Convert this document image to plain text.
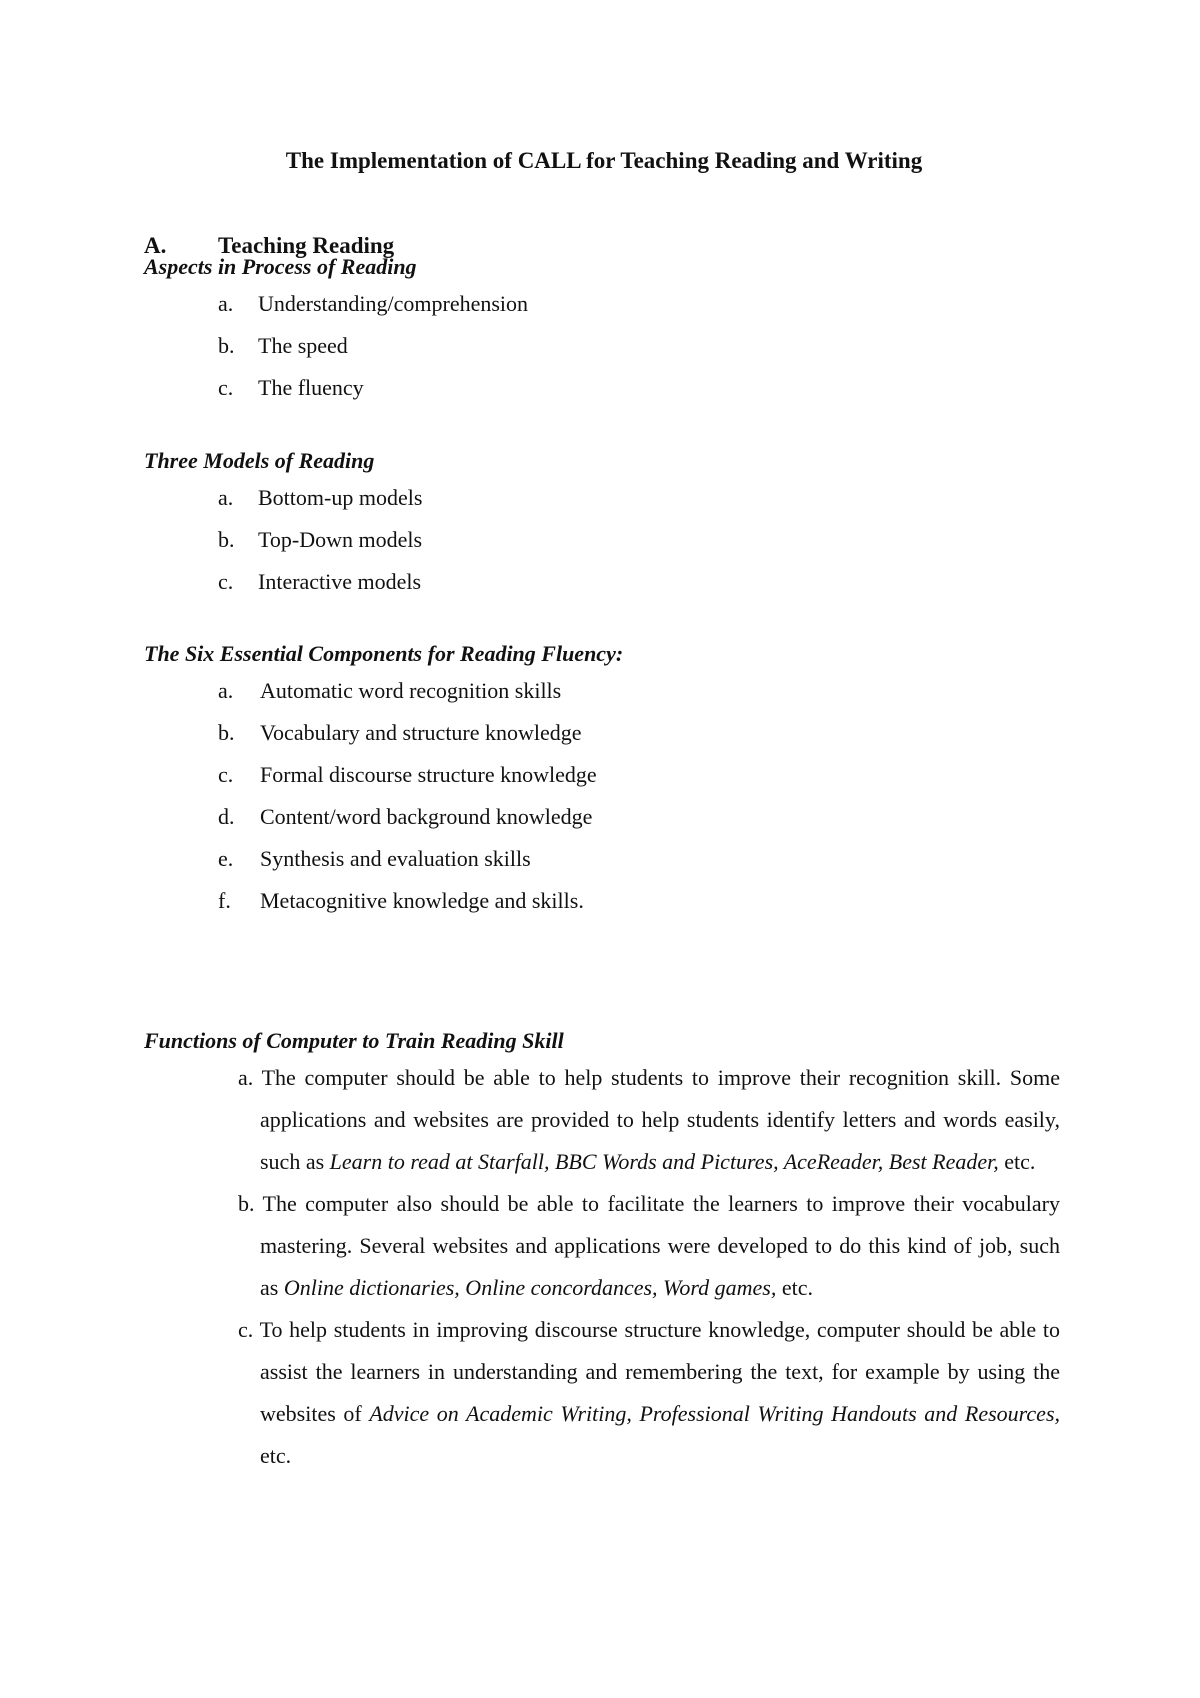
The Implementation of CALL for Teaching Reading and Writing
A. Teaching Reading
Aspects in Process of Reading
a. Understanding/comprehension
b. The speed
c. The fluency
Three Models of Reading
a. Bottom-up models
b. Top-Down models
c. Interactive models
The Six Essential Components for Reading Fluency:
a. Automatic word recognition skills
b. Vocabulary and structure knowledge
c. Formal discourse structure knowledge
d. Content/word background knowledge
e. Synthesis and evaluation skills
f. Metacognitive knowledge and skills.
Functions of Computer to Train Reading Skill
a. The computer should be able to help students to improve their recognition skill. Some applications and websites are provided to help students identify letters and words easily, such as Learn to read at Starfall, BBC Words and Pictures, AceReader, Best Reader, etc.
b. The computer also should be able to facilitate the learners to improve their vocabulary mastering. Several websites and applications were developed to do this kind of job, such as Online dictionaries, Online concordances, Word games, etc.
c. To help students in improving discourse structure knowledge, computer should be able to assist the learners in understanding and remembering the text, for example by using the websites of Advice on Academic Writing, Professional Writing Handouts and Resources, etc.
